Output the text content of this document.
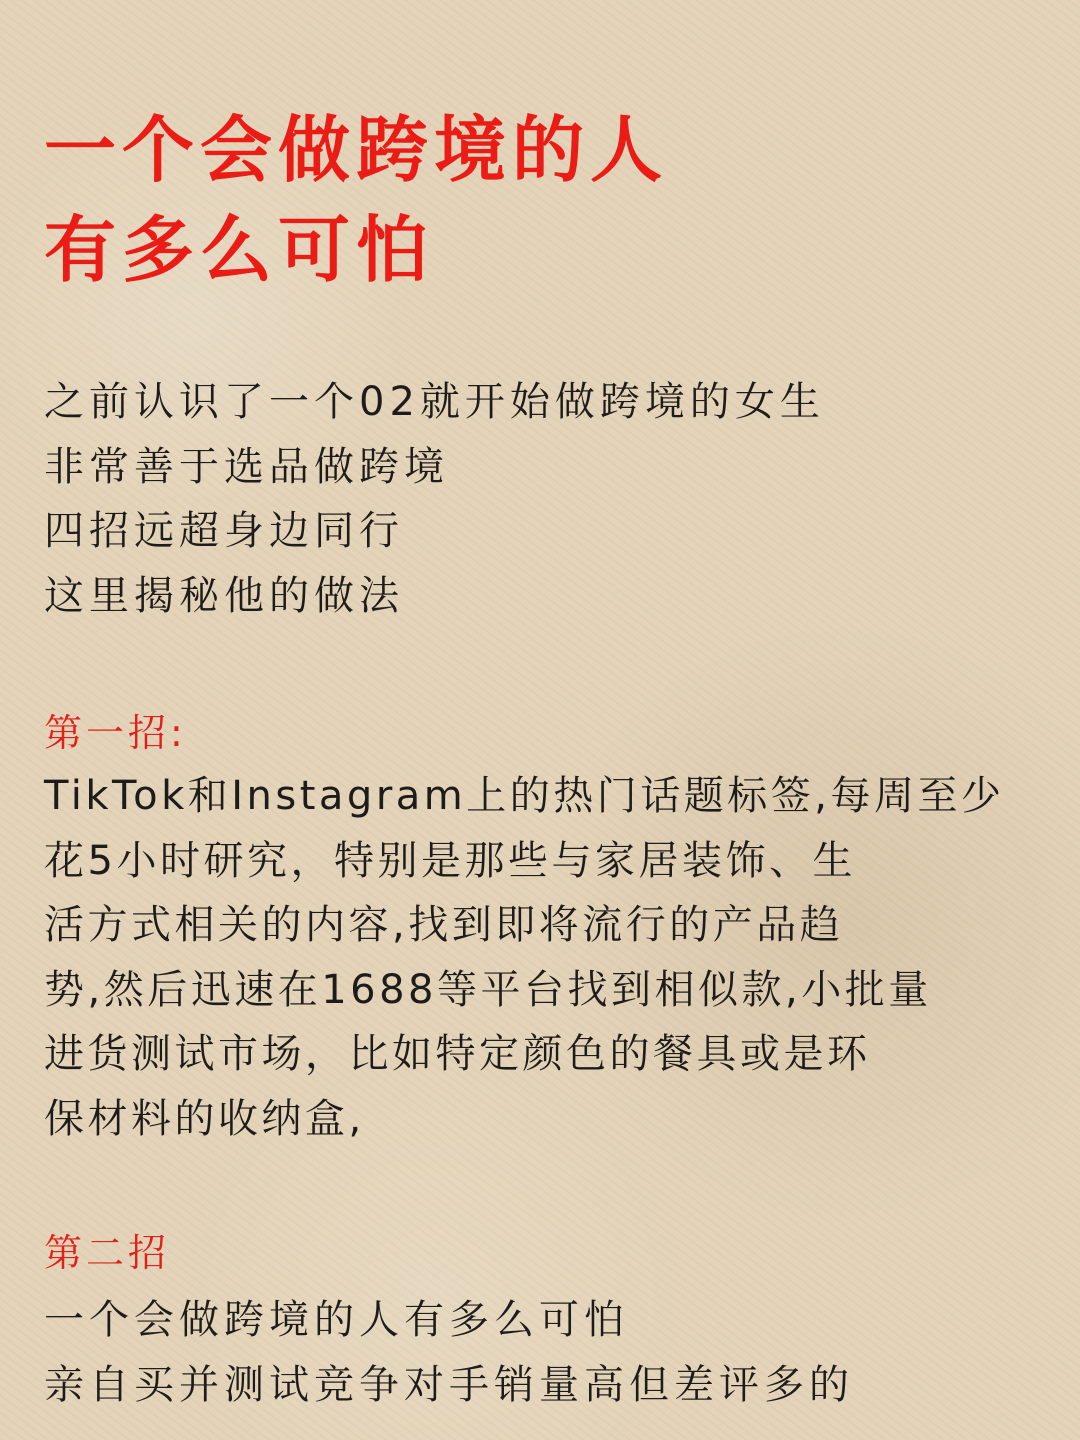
一个会做跨境的人
有多么可怕
之前认识了一个02就开始做跨境的女生
非常善于选品做跨境
四招远超身边同行
这里揭秘他的做法
第一招:
TikTok和Instagram上的热门话题标签,每周至少
花5小时研究，特别是那些与家居装饰、生
活方式相关的内容,找到即将流行的产品趋
势,然后迅速在1688等平台找到相似款,小批量
进货测试市场，比如特定颜色的餐具或是环
保材料的收纳盒,
第二招
一个会做跨境的人有多么可怕
亲自买并测试竞争对手销量高但差评多的
